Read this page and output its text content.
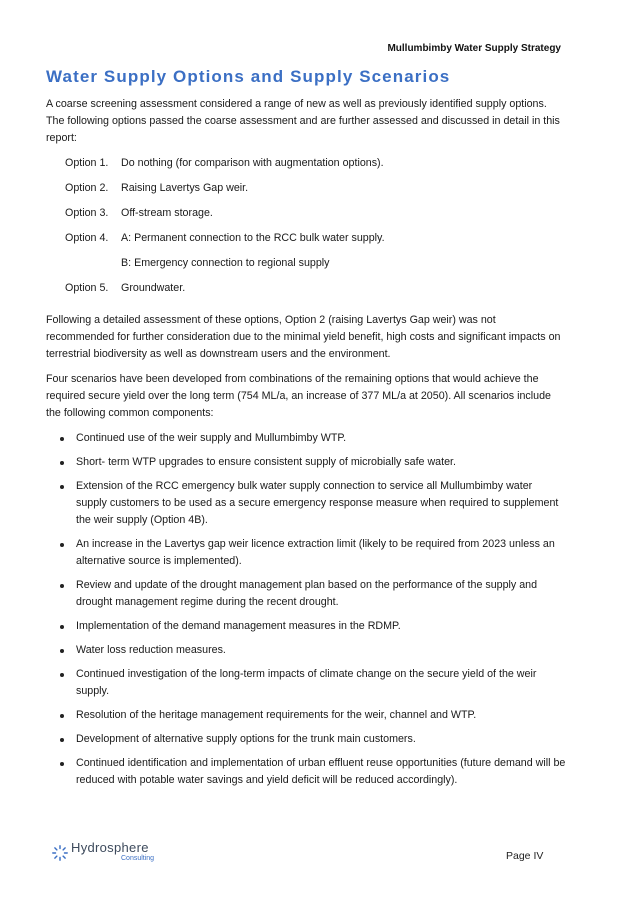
Mullumbimby Water Supply Strategy
Water Supply Options and Supply Scenarios

A coarse screening assessment considered a range of new as well as previously identified supply options. The following options passed the coarse assessment and are further assessed and discussed in detail in this report:

Option 1.	Do nothing (for comparison with augmentation options).
Option 2.	Raising Lavertys Gap weir.
Option 3.	Off-stream storage.
Option 4.	A: Permanent connection to the RCC bulk water supply.
B: Emergency connection to regional supply
Option 5.	Groundwater.

Following a detailed assessment of these options, Option 2 (raising Lavertys Gap weir) was not recommended for further consideration due to the minimal yield benefit, high costs and significant impacts on terrestrial biodiversity as well as downstream users and the environment.

Four scenarios have been developed from combinations of the remaining options that would achieve the required secure yield over the long term (754 ML/a, an increase of 377 ML/a at 2050). All scenarios include the following common components:

Continued use of the weir supply and Mullumbimby WTP.
Short- term WTP upgrades to ensure consistent supply of microbially safe water.
Extension of the RCC emergency bulk water supply connection to service all Mullumbimby water supply customers to be used as a secure emergency response measure when required to supplement the weir supply (Option 4B).
An increase in the Lavertys gap weir licence extraction limit (likely to be required from 2023 unless an alternative source is implemented).
Review and update of the drought management plan based on the performance of the supply and drought management regime during the recent drought.
Implementation of the demand management measures in the RDMP.
Water loss reduction measures.
Continued investigation of the long-term impacts of climate change on the secure yield of the weir supply.
Resolution of the heritage management requirements for the weir, channel and WTP.
Development of alternative supply options for the trunk main customers.
Continued identification and implementation of urban effluent reuse opportunities (future demand will be reduced with potable water savings and yield deficit will be reduced accordingly).
Hydrosphere
Consulting	Page IV
